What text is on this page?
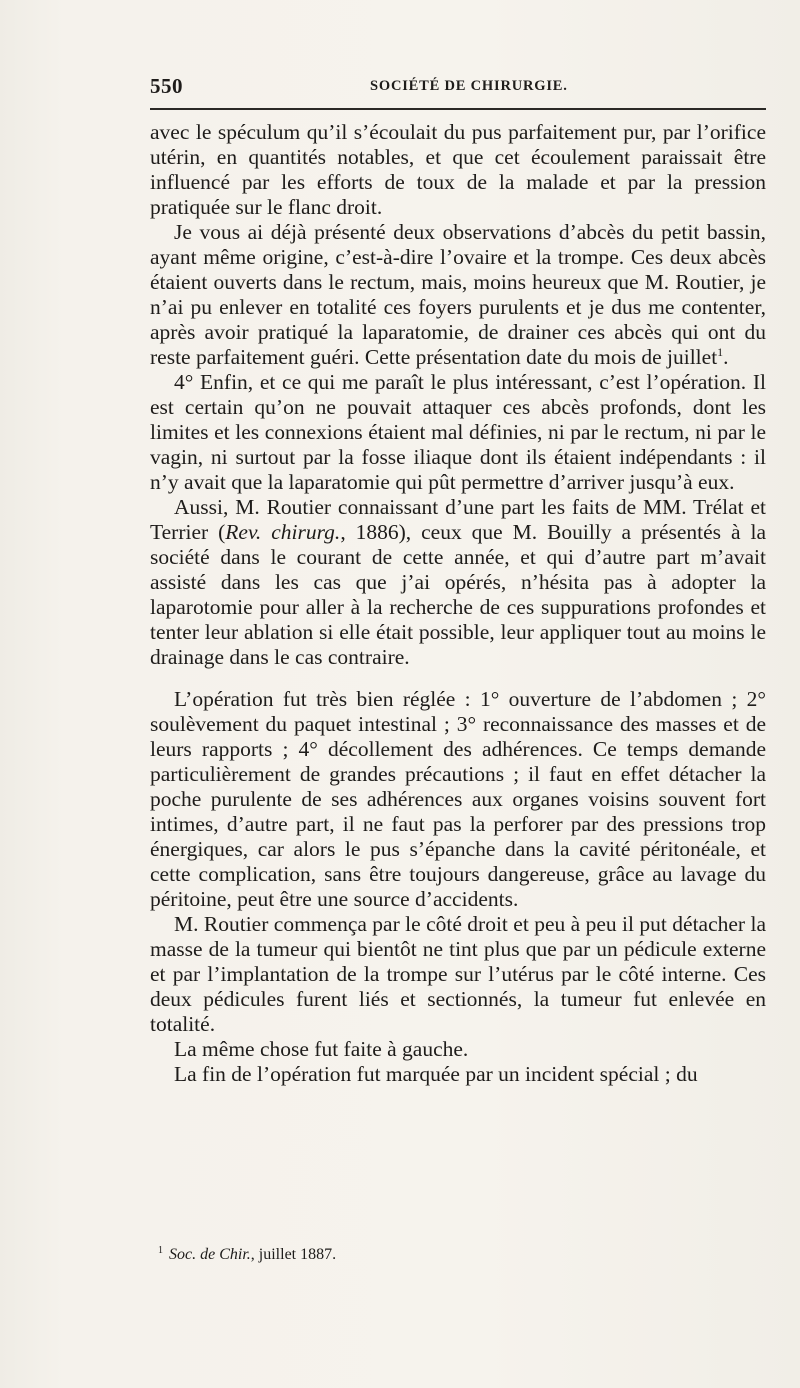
550	SOCIÉTÉ DE CHIRURGIE.

avec le spéculum qu’il s’écoulait du pus parfaitement pur, par l’orifice utérin, en quantités notables, et que cet écoulement paraissait être influencé par les efforts de toux de la malade et par la pression pratiquée sur le flanc droit.

Je vous ai déjà présenté deux observations d’abcès du petit bassin, ayant même origine, c’est-à-dire l’ovaire et la trompe. Ces deux abcès étaient ouverts dans le rectum, mais, moins heureux que M. Routier, je n’ai pu enlever en totalité ces foyers purulents et je dus me contenter, après avoir pratiqué la laparatomie, de drainer ces abcès qui ont du reste parfaitement guéri. Cette présentation date du mois de juillet$^1$.

4° Enfin, et ce qui me paraît le plus intéressant, c’est l’opération. Il est certain qu’on ne pouvait attaquer ces abcès profonds, dont les limites et les connexions étaient mal définies, ni par le rectum, ni par le vagin, ni surtout par la fosse iliaque dont ils étaient indépendants : il n’y avait que la laparatomie qui pût permettre d’arriver jusqu’à eux.

Aussi, M. Routier connaissant d’une part les faits de MM. Trélat et Terrier (Rev. chirurg., 1886), ceux que M. Bouilly a présentés à la société dans le courant de cette année, et qui d’autre part m’avait assisté dans les cas que j’ai opérés, n’hésita pas à adopter la laparotomie pour aller à la recherche de ces suppurations profondes et tenter leur ablation si elle était possible, leur appliquer tout au moins le drainage dans le cas contraire.

L’opération fut très bien réglée : 1° ouverture de l’abdomen ; 2° soulèvement du paquet intestinal ; 3° reconnaissance des masses et de leurs rapports ; 4° décollement des adhérences. Ce temps demande particulièrement de grandes précautions ; il faut en effet détacher la poche purulente de ses adhérences aux organes voisins souvent fort intimes, d’autre part, il ne faut pas la perforer par des pressions trop énergiques, car alors le pus s’épanche dans la cavité péritonéale, et cette complication, sans être toujours dangereuse, grâce au lavage du péritoine, peut être une source d’accidents.

M. Routier commença par le côté droit et peu à peu il put détacher la masse de la tumeur qui bientôt ne tint plus que par un pédicule externe et par l’implantation de la trompe sur l’utérus par le côté interne. Ces deux pédicules furent liés et sectionnés, la tumeur fut enlevée en totalité.

La même chose fut faite à gauche.

La fin de l’opération fut marquée par un incident spécial ; du

$^1$ Soc. de Chir., juillet 1887.
